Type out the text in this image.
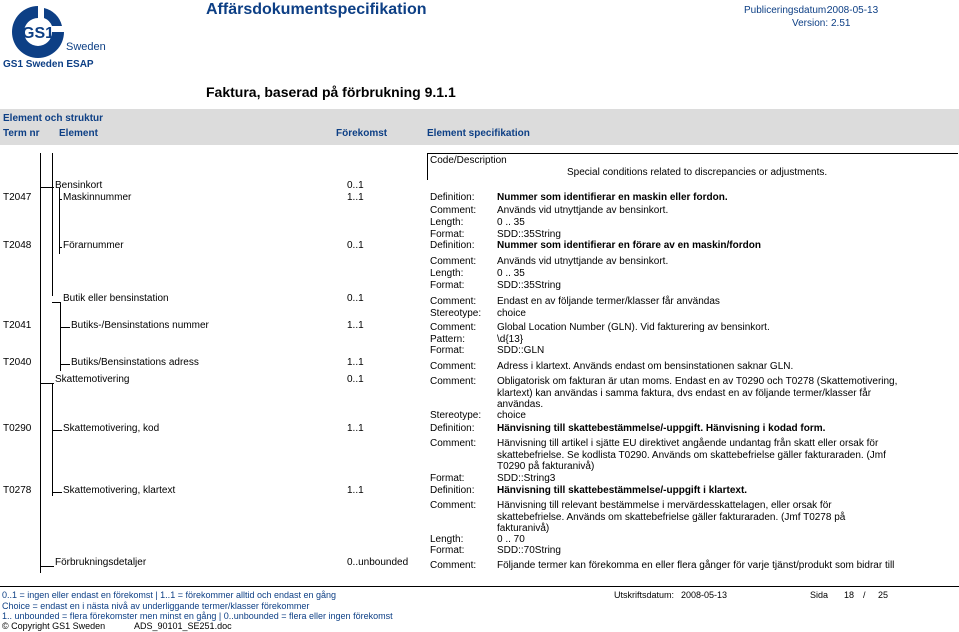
GS1
Sweden
Affärsdokumentspecifikation	Publiceringsdatum:
2008-05-13
Version: 2.51
GS1 Sweden ESAP
Faktura, baserad på förbrukning 9.1.1
Element och struktur
Term nr Element	Förekomst	Element specifikation
Code/Description
Special conditions related to discrepancies or adjustments.
Bensinkort	0..1
T2047	Maskinnummer	1..1	Definition: Nummer som identifierar en maskin eller fordon.
Comment: Används vid utnyttjande av bensinkort.
Length:	0 .. 35
Format:	SDD::35String
T2048	Förarnummer	0..1	Definition: Nummer som identifierar en förare av en maskin/fordon
Comment: Används vid utnyttjande av bensinkort.
Length:	0 .. 35
Format:	SDD::35String
Butik eller bensinstation	0..1	Comment: Endast en av följande termer/klasser får användas
Stereotype: choice
T2041	Butiks-/Bensinstations nummer	1..1	Comment: Global Location Number (GLN). Vid fakturering av bensinkort.
Pattern:	\d{13}
Format:	SDD::GLN
T2040	Butiks/Bensinstations adress	1..1	Comment: Adress i klartext. Används endast om bensinstationen saknar GLN.
Skattemotivering	0..1	Comment: Obligatorisk om fakturan är utan moms. Endast en av T0290 och T0278 (Skattemotivering,
klartext) kan användas i samma faktura, dvs endast en av följande termer/klasser får
användas.
Stereotype: choice
T0290	Skattemotivering, kod	1..1	Definition: Hänvisning till skattebestämmelse/-uppgift. Hänvisning i kodad form.
Comment: Hänvisning till artikel i sjätte EU direktivet angående undantag från skatt eller orsak för
skattebefrielse. Se kodlista T0290. Används om skattebefrielse gäller fakturaraden. (Jmf
T0290 på fakturanivå)
Format:	SDD::String3
T0278	Skattemotivering, klartext	1..1	Definition: Hänvisning till skattebestämmelse/-uppgift i klartext.
Comment: Hänvisning till relevant bestämmelse i mervärdesskattelagen, eller orsak för
skattebefrielse. Används om skattebefrielse gäller fakturaraden. (Jmf T0278 på
fakturanivå)
Length:	0 .. 70
Format:	SDD::70String
Förbrukningsdetaljer	0..unbounded Comment: Följande termer kan förekomma en eller flera gånger för varje tjänst/produkt som bidrar till
0..1 = ingen eller endast en förekomst | 1..1 = förekommer alltid och endast en gång
Choice = endast en i nästa nivå av underliggande termer/klasser förekommer
1.. unbounded = flera förekomster men minst en gång | 0..unbounded = flera eller ingen förekomst
© Copyright GS1 Sweden	ADS_90101_SE251.doc
Utskriftsdatum: 2008-05-13	Sida 18 / 25
